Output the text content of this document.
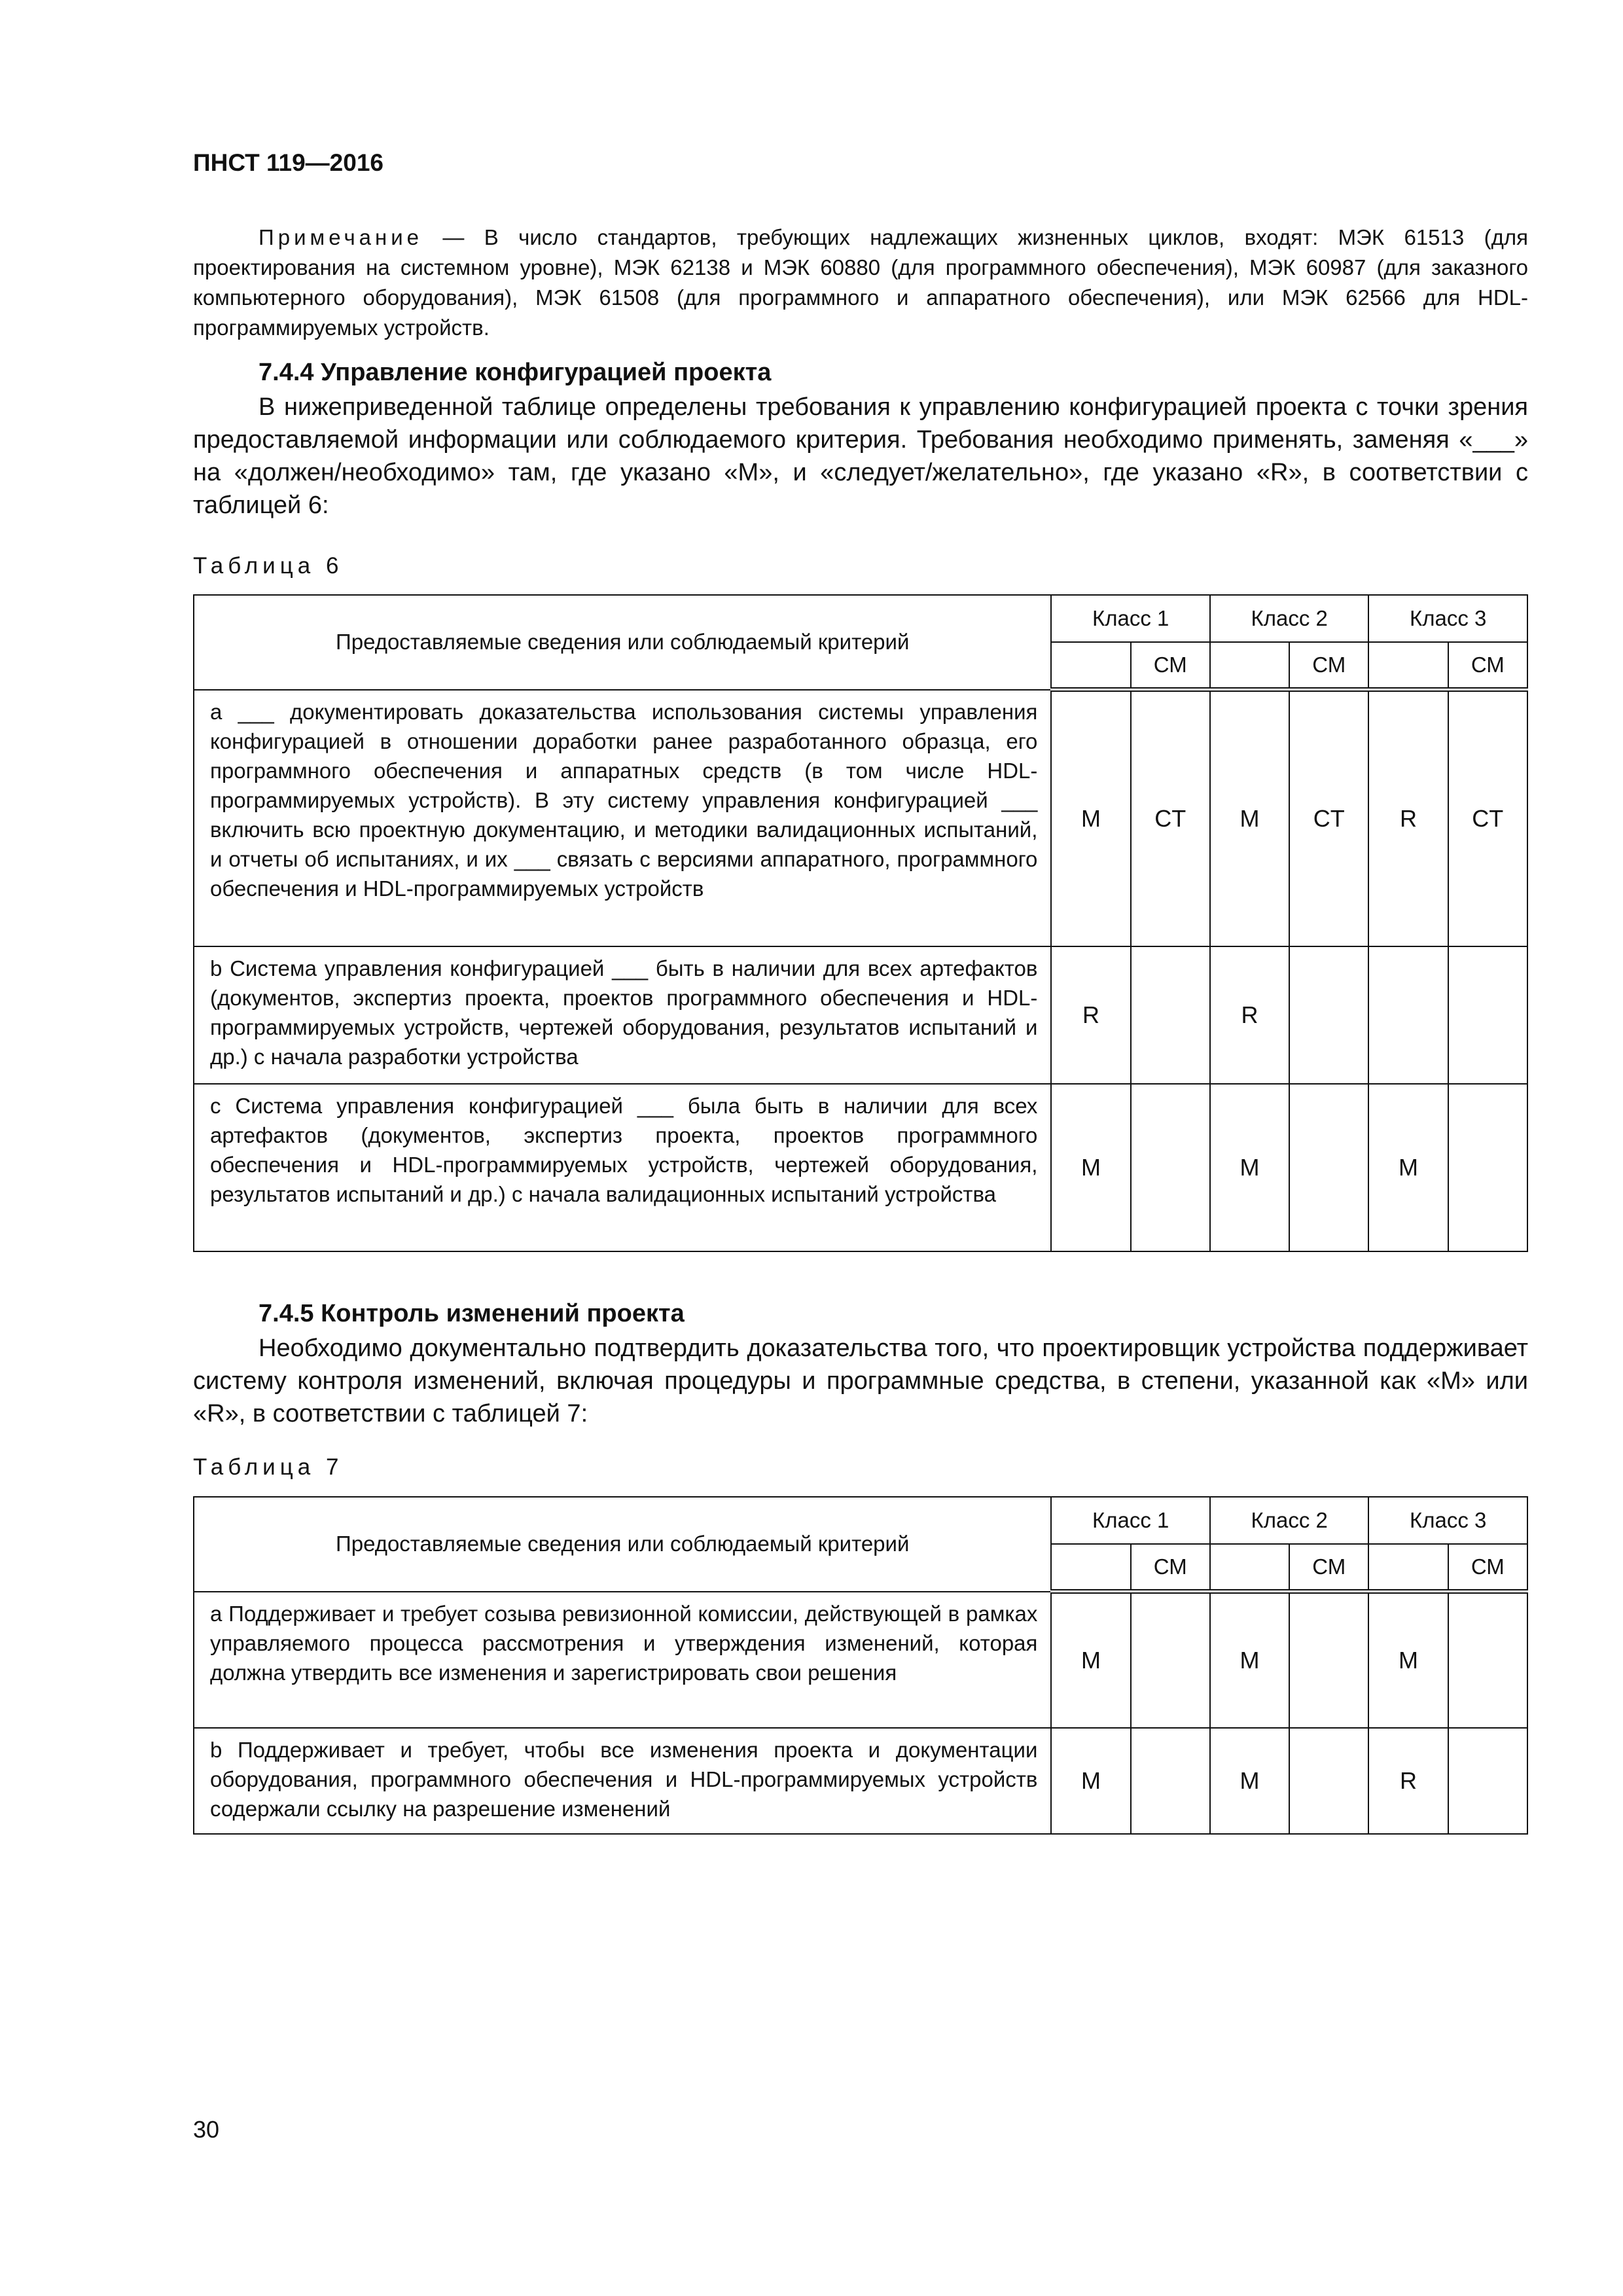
ПНСТ 119—2016
Примечание — В число стандартов, требующих надлежащих жизненных циклов, входят: МЭК 61513 (для проектирования на системном уровне), МЭК 62138 и МЭК 60880 (для программного обеспечения), МЭК 60987 (для заказного компьютерного оборудования), МЭК 61508 (для программного и аппаратного обеспечения), или МЭК 62566 для HDL-программируемых устройств.
7.4.4 Управление конфигурацией проекта
В нижеприведенной таблице определены требования к управлению конфигурацией проекта с точки зрения предоставляемой информации или соблюдаемого критерия. Требования необходимо применять, заменяя «___» на «должен/необходимо» там, где указано «M», и «следует/желательно», где указано «R», в соответствии с таблицей 6:
Таблица 6
Предоставляемые сведения или соблюдаемый критерий	Класс 1		Класс 2		Класс 3	
		СМ		СМ		СМ
а ___ документировать доказательства использования системы управления конфигурацией в отношении доработки ранее разработанного образца, его программного обеспечения и аппаратных средств (в том числе HDL-программируемых устройств). В эту систему управления конфигурацией ___ включить всю проектную документацию, и методики валидационных испытаний, и отчеты об испытаниях, и их ___ связать с версиями аппаратного, программного обеспечения и HDL-программируемых устройств	M	CT	M	CT	R	CT
b Система управления конфигурацией ___ быть в наличии для всех артефактов (документов, экспертиз проекта, проектов программного обеспечения и HDL-программируемых устройств, чертежей оборудования, результатов испытаний и др.) с начала разработки устройства	R		R			
с Система управления конфигурацией ___ была быть в наличии для всех артефактов (документов, экспертиз проекта, проектов программного обеспечения и HDL-программируемых устройств, чертежей оборудования, результатов испытаний и др.) с начала валидационных испытаний устройства	M		M		M	
7.4.5 Контроль изменений проекта
Необходимо документально подтвердить доказательства того, что проектировщик устройства поддерживает систему контроля изменений, включая процедуры и программные средства, в степени, указанной как «M» или «R», в соответствии с таблицей 7:
Таблица 7
Предоставляемые сведения или соблюдаемый критерий	Класс 1		Класс 2		Класс 3	
		СМ		СМ		СМ
а Поддерживает и требует созыва ревизионной комиссии, действующей в рамках управляемого процесса рассмотрения и утверждения изменений, которая должна утвердить все изменения и зарегистрировать свои решения	M		M		M	
b Поддерживает и требует, чтобы все изменения проекта и документации оборудования, программного обеспечения и HDL-программируемых устройств содержали ссылку на разрешение изменений	M		M		R	
30
